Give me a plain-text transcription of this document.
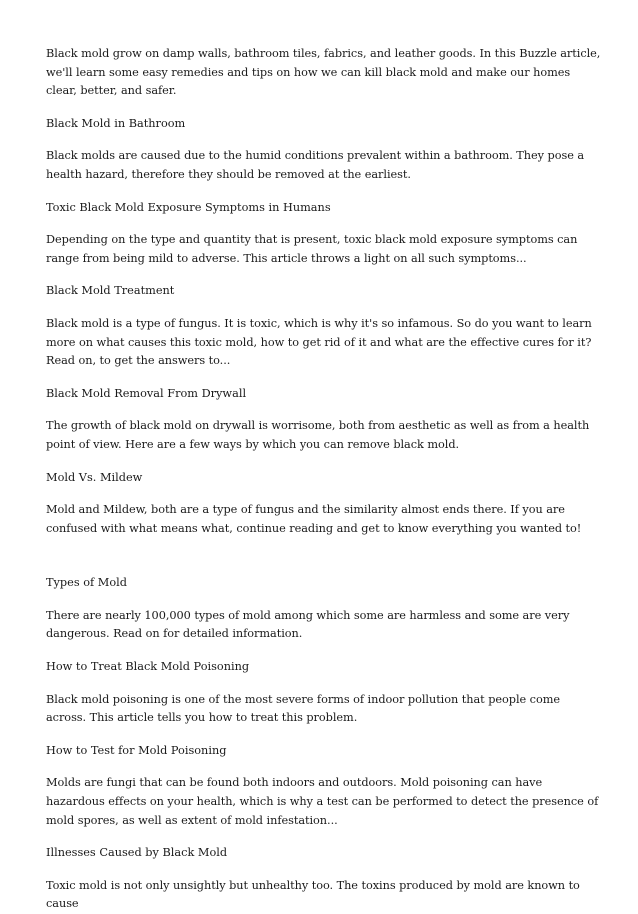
Black mold grow on damp walls, bathroom tiles, fabrics, and leather goods. In this Buzzle article, we'll learn some easy remedies and tips on how we can kill black mold and make our homes clear, better, and safer.

Black Mold in Bathroom

Black molds are caused due to the humid conditions prevalent within a bathroom. They pose a health hazard, therefore they should be removed at the earliest.

Toxic Black Mold Exposure Symptoms in Humans

Depending on the type and quantity that is present, toxic black mold exposure symptoms can range from being mild to adverse. This article throws a light on all such symptoms...

Black Mold Treatment

Black mold is a type of fungus. It is toxic, which is why it's so infamous. So do you want to learn more on what causes this toxic mold, how to get rid of it and what are the effective cures for it? Read on, to get the answers to...

Black Mold Removal From Drywall

The growth of black mold on drywall is worrisome, both from aesthetic as well as from a health point of view. Here are a few ways by which you can remove black mold.

Mold Vs. Mildew

Mold and Mildew, both are a type of fungus and the similarity almost ends there. If you are confused with what means what, continue reading and get to know everything you wanted to!

Types of Mold

There are nearly 100,000 types of mold among which some are harmless and some are very dangerous. Read on for detailed information.

How to Treat Black Mold Poisoning

Black mold poisoning is one of the most severe forms of indoor pollution that people come across. This article tells you how to treat this problem.

How to Test for Mold Poisoning

Molds are fungi that can be found both indoors and outdoors. Mold poisoning can have hazardous effects on your health, which is why a test can be performed to detect the presence of mold spores, as well as extent of mold infestation...

Illnesses Caused by Black Mold

Toxic mold is not only unsightly but unhealthy too. The toxins produced by mold are known to cause
